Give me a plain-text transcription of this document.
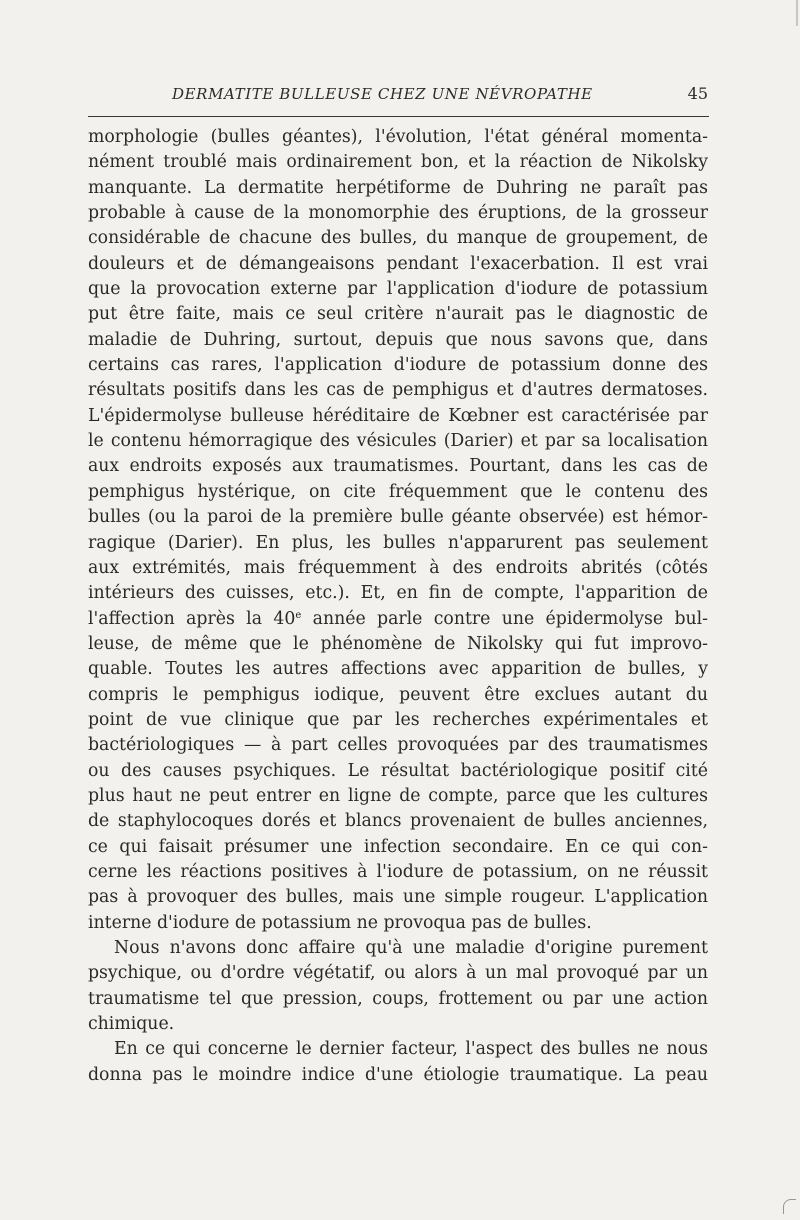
DERMATITE BULLEUSE CHEZ UNE NÉVROPATHE	45
morphologie (bulles géantes), l'évolution, l'état général momenta-
nément troublé mais ordinairement bon, et la réaction de Nikolsky
manquante. La dermatite herpétiforme de Duhring ne paraît pas
probable à cause de la monomorphie des éruptions, de la grosseur
considérable de chacune des bulles, du manque de groupement, de
douleurs et de démangeaisons pendant l'exacerbation. Il est vrai
que la provocation externe par l'application d'iodure de potassium
put être faite, mais ce seul critère n'aurait pas le diagnostic de
maladie de Duhring, surtout, depuis que nous savons que, dans
certains cas rares, l'application d'iodure de potassium donne des
résultats positifs dans les cas de pemphigus et d'autres dermatoses.
L'épidermolyse bulleuse héréditaire de Kœbner est caractérisée par
le contenu hémorragique des vésicules (Darier) et par sa localisation
aux endroits exposés aux traumatismes. Pourtant, dans les cas de
pemphigus hystérique, on cite fréquemment que le contenu des
bulles (ou la paroi de la première bulle géante observée) est hémor-
ragique (Darier). En plus, les bulles n'apparurent pas seulement
aux extrémités, mais fréquemment à des endroits abrités (côtés
intérieurs des cuisses, etc.). Et, en fin de compte, l'apparition de
l'affection après la 40e année parle contre une épidermolyse bul-
leuse, de même que le phénomène de Nikolsky qui fut improvo-
quable. Toutes les autres affections avec apparition de bulles, y
compris le pemphigus iodique, peuvent être exclues autant du
point de vue clinique que par les recherches expérimentales et
bactériologiques — à part celles provoquées par des traumatismes
ou des causes psychiques. Le résultat bactériologique positif cité
plus haut ne peut entrer en ligne de compte, parce que les cultures
de staphylocoques dorés et blancs provenaient de bulles anciennes,
ce qui faisait présumer une infection secondaire. En ce qui con-
cerne les réactions positives à l'iodure de potassium, on ne réussit
pas à provoquer des bulles, mais une simple rougeur. L'application
interne d'iodure de potassium ne provoqua pas de bulles.
Nous n'avons donc affaire qu'à une maladie d'origine purement
psychique, ou d'ordre végétatif, ou alors à un mal provoqué par un
traumatisme tel que pression, coups, frottement ou par une action
chimique.
En ce qui concerne le dernier facteur, l'aspect des bulles ne nous
donna pas le moindre indice d'une étiologie traumatique. La peau
